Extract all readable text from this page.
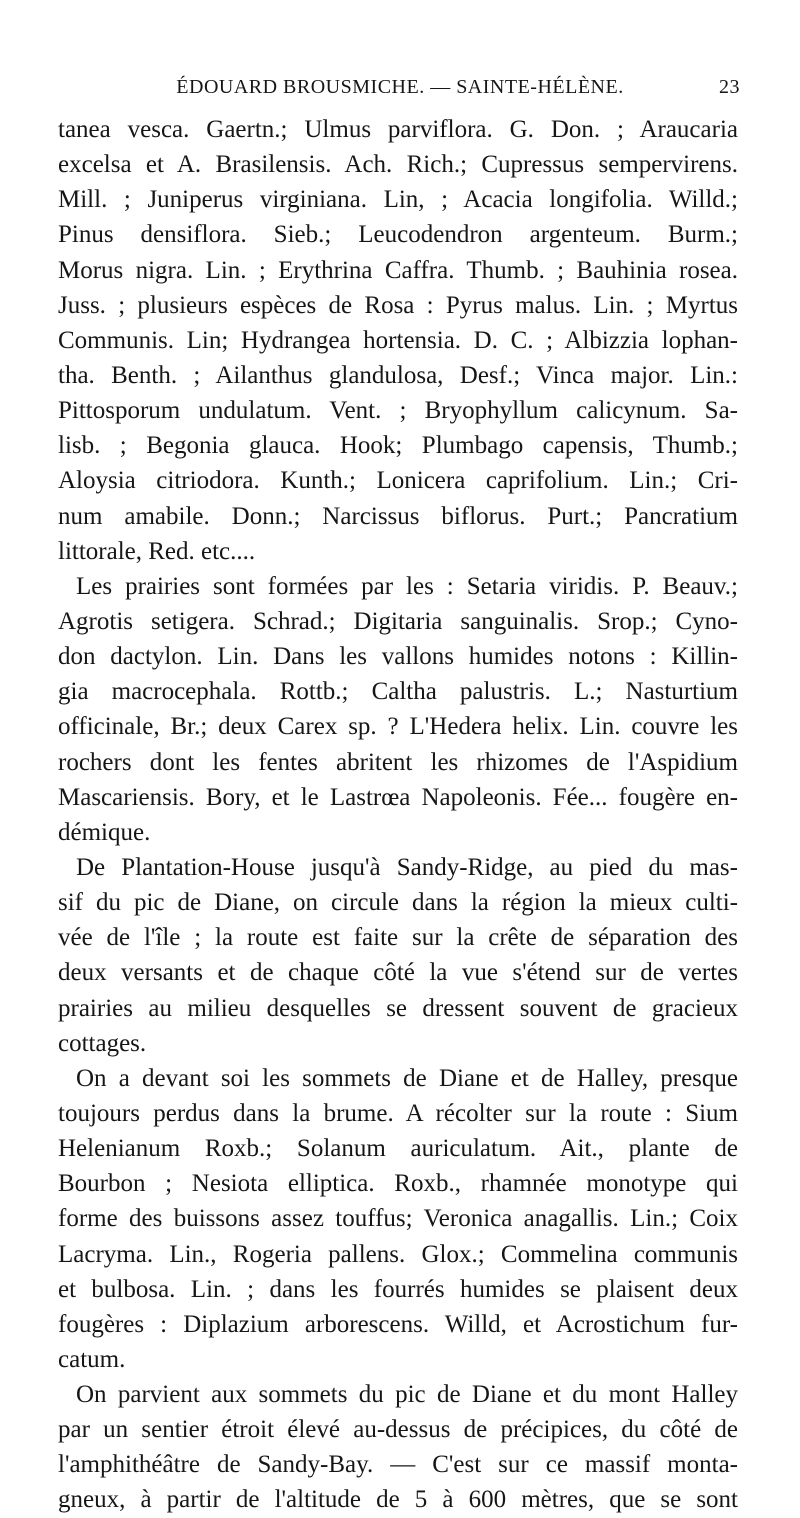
ÉDOUARD BROUSMICHE. — SAINTE-HÉLÈNE.	23
tanea vesca. Gaertn.; Ulmus parviflora. G. Don. ; Araucaria
excelsa et A. Brasilensis. Ach. Rich.; Cupressus sempervirens.
Mill. ; Juniperus virginiana. Lin, ; Acacia longifolia. Willd.;
Pinus densiflora. Sieb.; Leucodendron argenteum. Burm.;
Morus nigra. Lin. ; Erythrina Caffra. Thumb. ; Bauhinia rosea.
Juss. ; plusieurs espèces de Rosa : Pyrus malus. Lin. ; Myrtus
Communis. Lin; Hydrangea hortensia. D. C. ; Albizzia lophan-
tha. Benth. ; Ailanthus glandulosa, Desf.; Vinca major. Lin.:
Pittosporum undulatum. Vent. ; Bryophyllum calicynum. Sa-
lisb. ; Begonia glauca. Hook; Plumbago capensis, Thumb.;
Aloysia citriodora. Kunth.; Lonicera caprifolium. Lin.; Cri-
num amabile. Donn.; Narcissus biflorus. Purt.; Pancratium
littorale, Red. etc....
Les prairies sont formées par les : Setaria viridis. P. Beauv.;
Agrotis setigera. Schrad.; Digitaria sanguinalis. Srop.; Cyno-
don dactylon. Lin. Dans les vallons humides notons : Killin-
gia macrocephala. Rottb.; Caltha palustris. L.; Nasturtium
officinale, Br.; deux Carex sp. ? L'Hedera helix. Lin. couvre les
rochers dont les fentes abritent les rhizomes de l'Aspidium
Mascariensis. Bory, et le Lastrœa Napoleonis. Fée... fougère en-
démique.
De Plantation-House jusqu'à Sandy-Ridge, au pied du mas-
sif du pic de Diane, on circule dans la région la mieux culti-
vée de l'île ; la route est faite sur la crête de séparation des
deux versants et de chaque côté la vue s'étend sur de vertes
prairies au milieu desquelles se dressent souvent de gracieux
cottages.
On a devant soi les sommets de Diane et de Halley, presque
toujours perdus dans la brume. A récolter sur la route : Sium
Helenianum Roxb.; Solanum auriculatum. Ait., plante de
Bourbon ; Nesiota elliptica. Roxb., rhamnée monotype qui
forme des buissons assez touffus; Veronica anagallis. Lin.; Coix
Lacryma. Lin., Rogeria pallens. Glox.; Commelina communis
et bulbosa. Lin. ; dans les fourrés humides se plaisent deux
fougères : Diplazium arborescens. Willd, et Acrostichum fur-
catum.
On parvient aux sommets du pic de Diane et du mont Halley
par un sentier étroit élevé au-dessus de précipices, du côté de
l'amphithéâtre de Sandy-Bay. — C'est sur ce massif monta-
gneux, à partir de l'altitude de 5 à 600 mètres, que se sont
